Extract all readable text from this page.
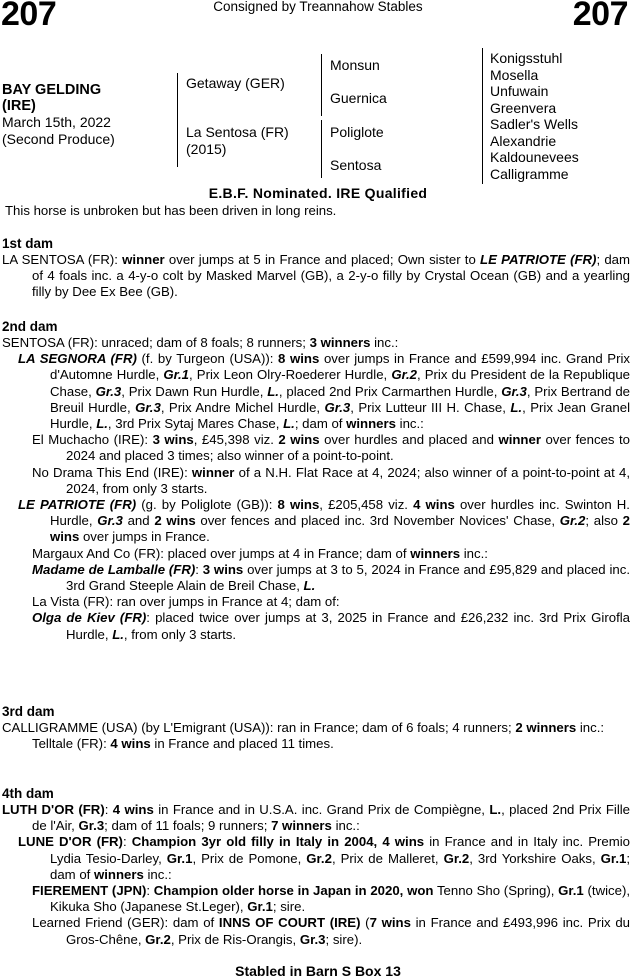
207	Consigned by Treannahow Stables	207
BAY GELDING
(IRE)
March 15th, 2022
(Second Produce)
Getaway (GER)
La Sentosa (FR)
(2015)
Monsun
Guernica
Poliglote
Sentosa
Konigsstuhl
Mosella
Unfuwain
Greenvera
Sadler's Wells
Alexandrie
Kaldounevees
Calligramme
E.B.F. Nominated. IRE Qualified
This horse is unbroken but has been driven in long reins.
1st dam

LA SENTOSA (FR): winner over jumps at 5 in France and placed; Own sister to LE PATRIOTE (FR); dam of 4 foals inc. a 4-y-o colt by Masked Marvel (GB), a 2-y-o filly by Crystal Ocean (GB) and a yearling filly by Dee Ex Bee (GB).

2nd dam

SENTOSA (FR): unraced; dam of 8 foals; 8 runners; 3 winners inc.:

LA SEGNORA (FR) (f. by Turgeon (USA)): 8 wins over jumps in France and £599,994 inc. Grand Prix d'Automne Hurdle, Gr.1, Prix Leon Olry-Roederer Hurdle, Gr.2, Prix du President de la Republique Chase, Gr.3, Prix Dawn Run Hurdle, L., placed 2nd Prix Carmarthen Hurdle, Gr.3, Prix Bertrand de Breuil Hurdle, Gr.3, Prix Andre Michel Hurdle, Gr.3, Prix Lutteur III H. Chase, L., Prix Jean Granel Hurdle, L., 3rd Prix Sytaj Mares Chase, L.; dam of winners inc.:

El Muchacho (IRE): 3 wins, £45,398 viz. 2 wins over hurdles and placed and winner over fences to 2024 and placed 3 times; also winner of a point-to-point.

No Drama This End (IRE): winner of a N.H. Flat Race at 4, 2024; also winner of a point-to-point at 4, 2024, from only 3 starts.

LE PATRIOTE (FR) (g. by Poliglote (GB)): 8 wins, £205,458 viz. 4 wins over hurdles inc. Swinton H. Hurdle, Gr.3 and 2 wins over fences and placed inc. 3rd November Novices' Chase, Gr.2; also 2 wins over jumps in France.

Margaux And Co (FR): placed over jumps at 4 in France; dam of winners inc.:

Madame de Lamballe (FR): 3 wins over jumps at 3 to 5, 2024 in France and £95,829 and placed inc. 3rd Grand Steeple Alain de Breil Chase, L.

La Vista (FR): ran over jumps in France at 4; dam of:

Olga de Kiev (FR): placed twice over jumps at 3, 2025 in France and £26,232 inc. 3rd Prix Girofla Hurdle, L., from only 3 starts.

3rd dam

CALLIGRAMME (USA) (by L'Emigrant (USA)): ran in France; dam of 6 foals; 4 runners; 2 winners inc.:

Telltale (FR): 4 wins in France and placed 11 times.

4th dam

LUTH D'OR (FR): 4 wins in France and in U.S.A. inc. Grand Prix de Compiègne, L., placed 2nd Prix Fille de l'Air, Gr.3; dam of 11 foals; 9 runners; 7 winners inc.:

LUNE D'OR (FR): Champion 3yr old filly in Italy in 2004, 4 wins in France and in Italy inc. Premio Lydia Tesio-Darley, Gr.1, Prix de Pomone, Gr.2, Prix de Malleret, Gr.2, 3rd Yorkshire Oaks, Gr.1; dam of winners inc.:

FIEREMENT (JPN): Champion older horse in Japan in 2020, won Tenno Sho (Spring), Gr.1 (twice), Kikuka Sho (Japanese St.Leger), Gr.1; sire.

Learned Friend (GER): dam of INNS OF COURT (IRE) (7 wins in France and £493,996 inc. Prix du Gros-Chêne, Gr.2, Prix de Ris-Orangis, Gr.3; sire).

Stabled in Barn S Box 13
